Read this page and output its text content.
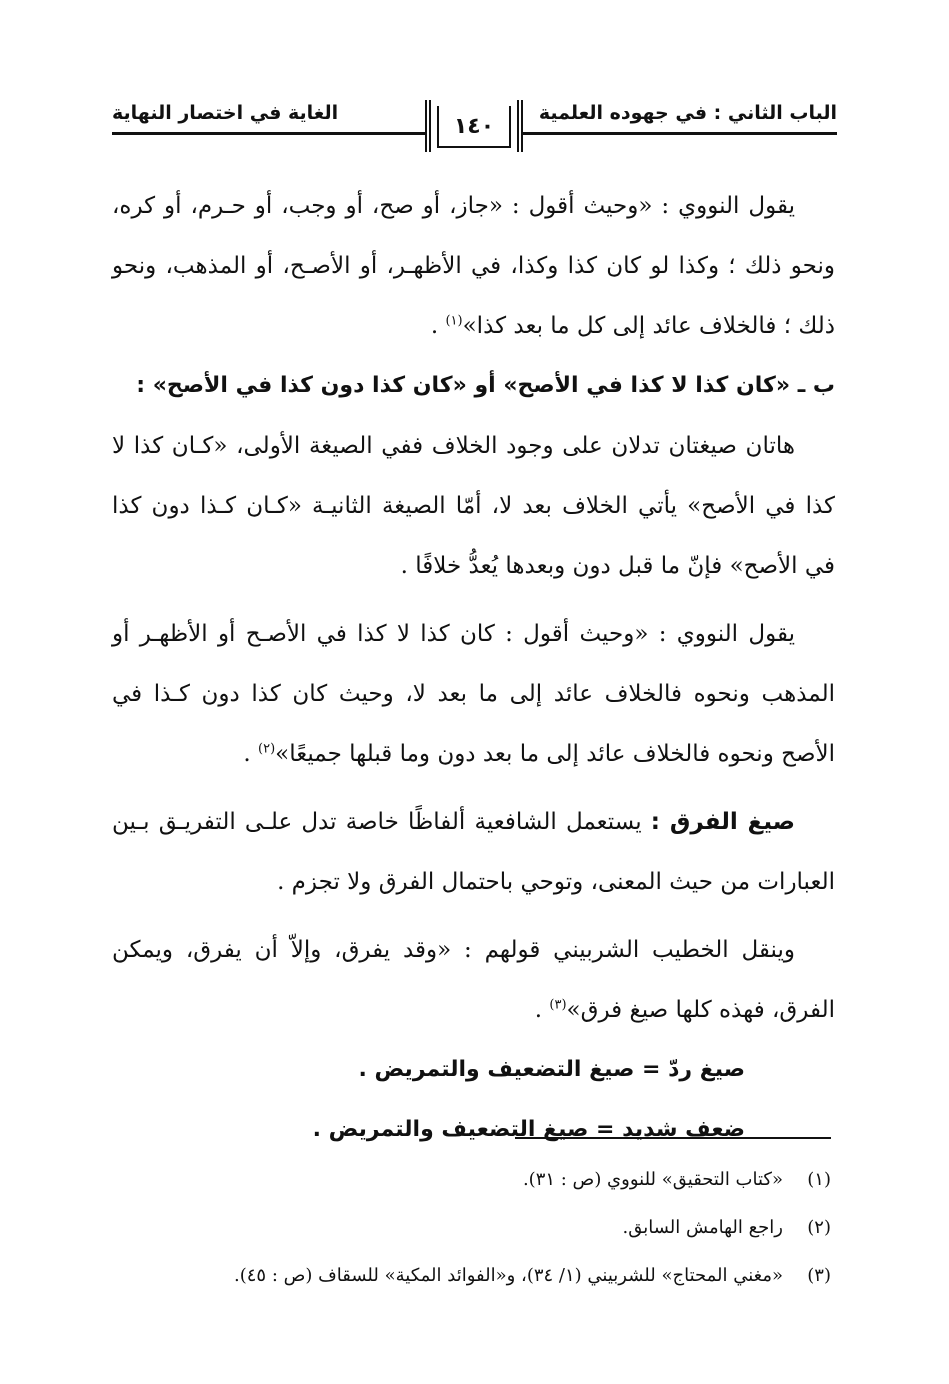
الباب الثاني : في جهوده العلمية
الغاية في اختصار النهاية
١٤٠

يقول النووي : «وحيث أقول : «جاز، أو صح، أو وجب، أو حـرم، أو كره، ونحو ذلك ؛ وكذا لو كان كذا وكذا، في الأظهـر، أو الأصـح، أو المذهب، ونحو ذلك ؛ فالخلاف عائد إلى كل ما بعد كذا»$^{(١)}$ .

ب ـ «كان كذا لا كذا في الأصح» أو «كان كذا دون كذا في الأصح» :

هاتان صيغتان تدلان على وجود الخلاف ففي الصيغة الأولى، «كـان كذا لا كذا في الأصح» يأتي الخلاف بعد لا، أمّا الصيغة الثانيـة «كـان كـذا دون كذا في الأصح» فإنّ ما قبل دون وبعدها يُعدُّ خلافًا .

يقول النووي : «وحيث أقول : كان كذا لا كذا في الأصـح أو الأظهـر أو المذهب ونحوه فالخلاف عائد إلى ما بعد لا، وحيث كان كذا دون كـذا في الأصح ونحوه فالخلاف عائد إلى ما بعد دون وما قبلها جميعًا»$^{(٢)}$ .

صيغ الفرق : يستعمل الشافعية ألفاظًا خاصة تدل علـى التفريـق بـين العبارات من حيث المعنى، وتوحي باحتمال الفرق ولا تجزم .

وينقل الخطيب الشربيني قولهم : «وقد يفرق، وإلاّ أن يفرق، ويمكن الفرق، فهذه كلها صيغ فرق»$^{(٣)}$ .

صيغ ردّ = صيغ التضعيف والتمريض .

ضعف شديد = صيغ التضعيف والتمريض .

(١)
«كتاب التحقيق» للنووي (ص : ٣١).

(٢)
راجع الهامش السابق.

(٣)
«مغني المحتاج» للشربيني (١/ ٣٤)، و«الفوائد المكية» للسقاف (ص : ٤٥).
